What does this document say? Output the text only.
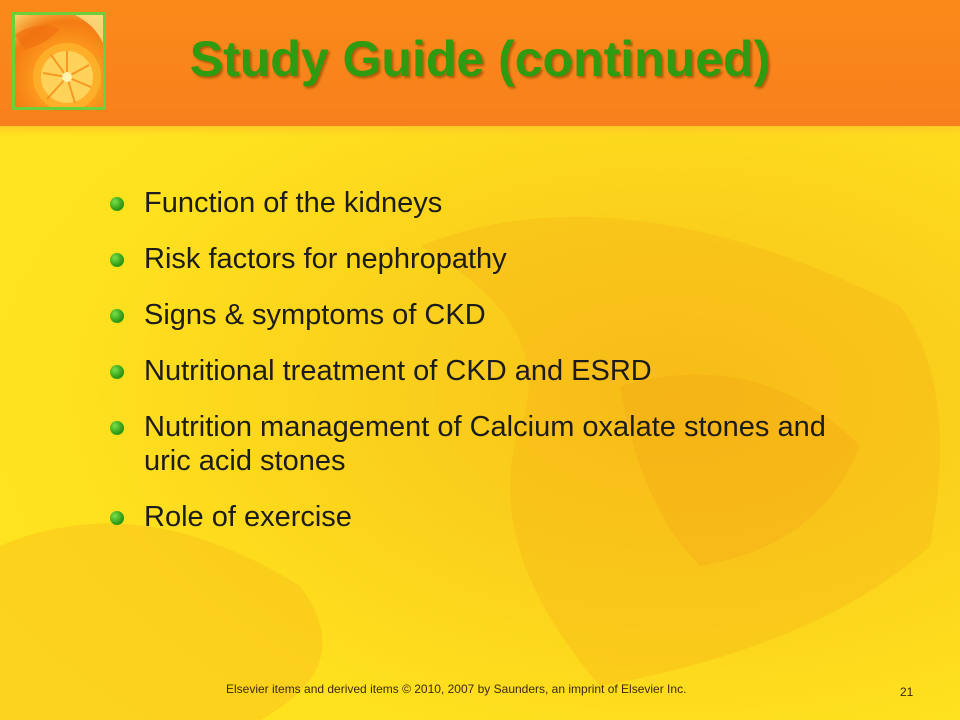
Study Guide (continued)
Function of the kidneys
Risk factors for nephropathy
Signs & symptoms of CKD
Nutritional treatment of CKD and ESRD
Nutrition management of Calcium oxalate stones and uric acid stones
Role of exercise
Elsevier items and derived items © 2010, 2007 by Saunders, an imprint of Elsevier Inc.	21
